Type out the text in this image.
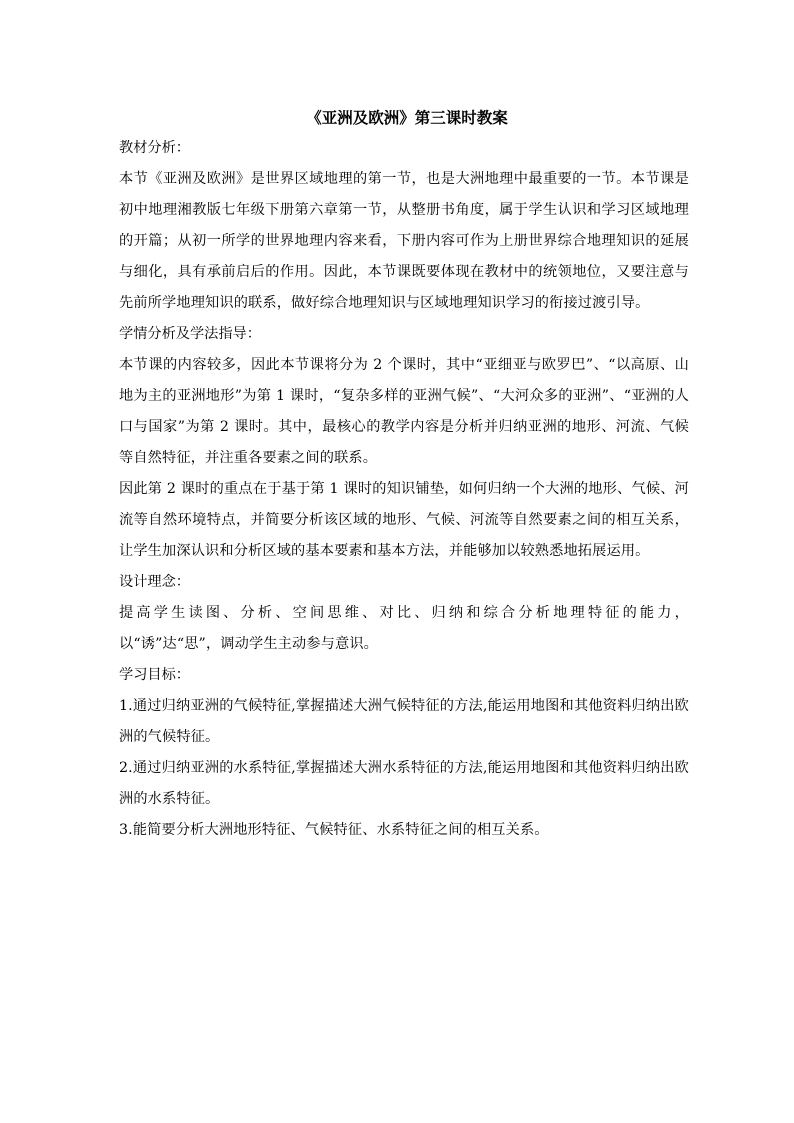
《亚洲及欧洲》第三课时教案
教材分析：

本节《亚洲及欧洲》是世界区域地理的第一节，也是大洲地理中最重要的一节。本节课是初中地理湘教版七年级下册第六章第一节，从整册书角度，属于学生认识和学习区域地理的开篇；从初一所学的世界地理内容来看，下册内容可作为上册世界综合地理知识的延展与细化，具有承前启后的作用。因此，本节课既要体现在教材中的统领地位，又要注意与先前所学地理知识的联系，做好综合地理知识与区域地理知识学习的衔接过渡引导。

学情分析及学法指导：

本节课的内容较多，因此本节课将分为 2 个课时，其中“亚细亚与欧罗巴”、“以高原、山地为主的亚洲地形”为第 1 课时，“复杂多样的亚洲气候”、“大河众多的亚洲”、“亚洲的人口与国家”为第 2 课时。其中，最核心的教学内容是分析并归纳亚洲的地形、河流、气候等自然特征，并注重各要素之间的联系。

因此第 2 课时的重点在于基于第 1 课时的知识铺垫，如何归纳一个大洲的地形、气候、河流等自然环境特点，并简要分析该区域的地形、气候、河流等自然要素之间的相互关系，让学生加深认识和分析区域的基本要素和基本方法，并能够加以较熟悉地拓展运用。

设计理念：

提高学生读图、分析、空间思维、对比、归纳和综合分析地理特征的能力，以“诱”达“思”，调动学生主动参与意识。

学习目标：

1.通过归纳亚洲的气候特征,掌握描述大洲气候特征的方法,能运用地图和其他资料归纳出欧洲的气候特征。

2.通过归纳亚洲的水系特征,掌握描述大洲水系特征的方法,能运用地图和其他资料归纳出欧洲的水系特征。

3.能简要分析大洲地形特征、气候特征、水系特征之间的相互关系。
